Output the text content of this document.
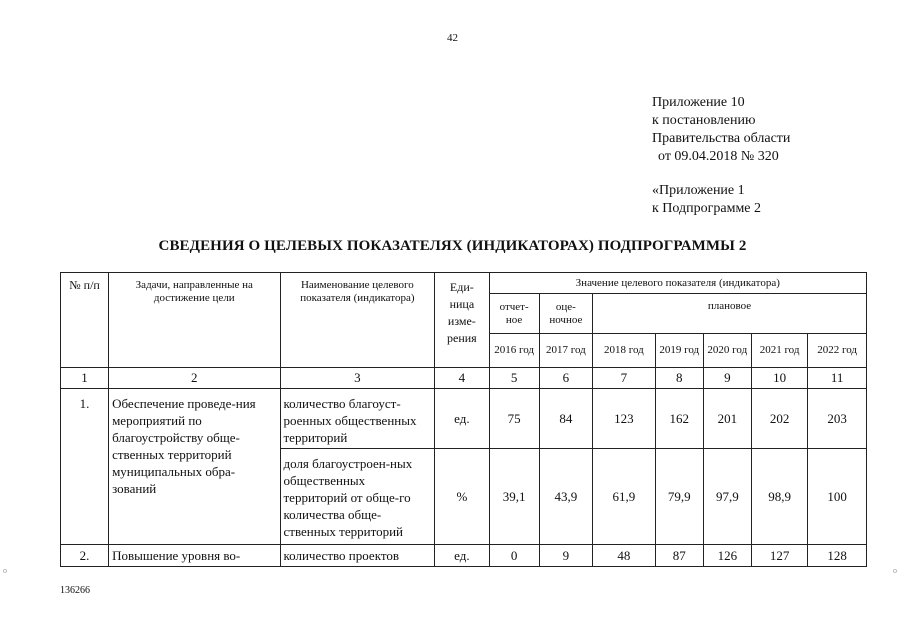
42
Приложение 10
к постановлению
Правительства области
от 09.04.2018 № 320
«Приложение 1
к Подпрограмме 2
СВЕДЕНИЯ О ЦЕЛЕВЫХ ПОКАЗАТЕЛЯХ (ИНДИКАТОРАХ) ПОДПРОГРАММЫ 2
№ п/п	Задачи, направленные на достижение цели	Наименование целевого показателя (индикатора)	Еди-ница изме-рения	Значение целевого показателя (индикатора)						
				отчет-ное	оце-ночное	плановое				
				2016 год	2017 год	2018 год	2019 год	2020 год	2021 год	2022 год
1	2	3	4	5	6	7	8	9	10	11
1.	Обеспечение проведе-ния мероприятий по благоустройству обще-ственных территорий муниципальных обра-зований	количество благоуст-роенных общественных территорий	ед.	75	84	123	162	201	202	203
		доля благоустроен-ных общественных территорий от обще-го количества обще-ственных территорий	%	39,1	43,9	61,9	79,9	97,9	98,9	100
2.	Повышение уровня во-	количество проектов	ед.	0	9	48	87	126	127	128
136266
o	o
